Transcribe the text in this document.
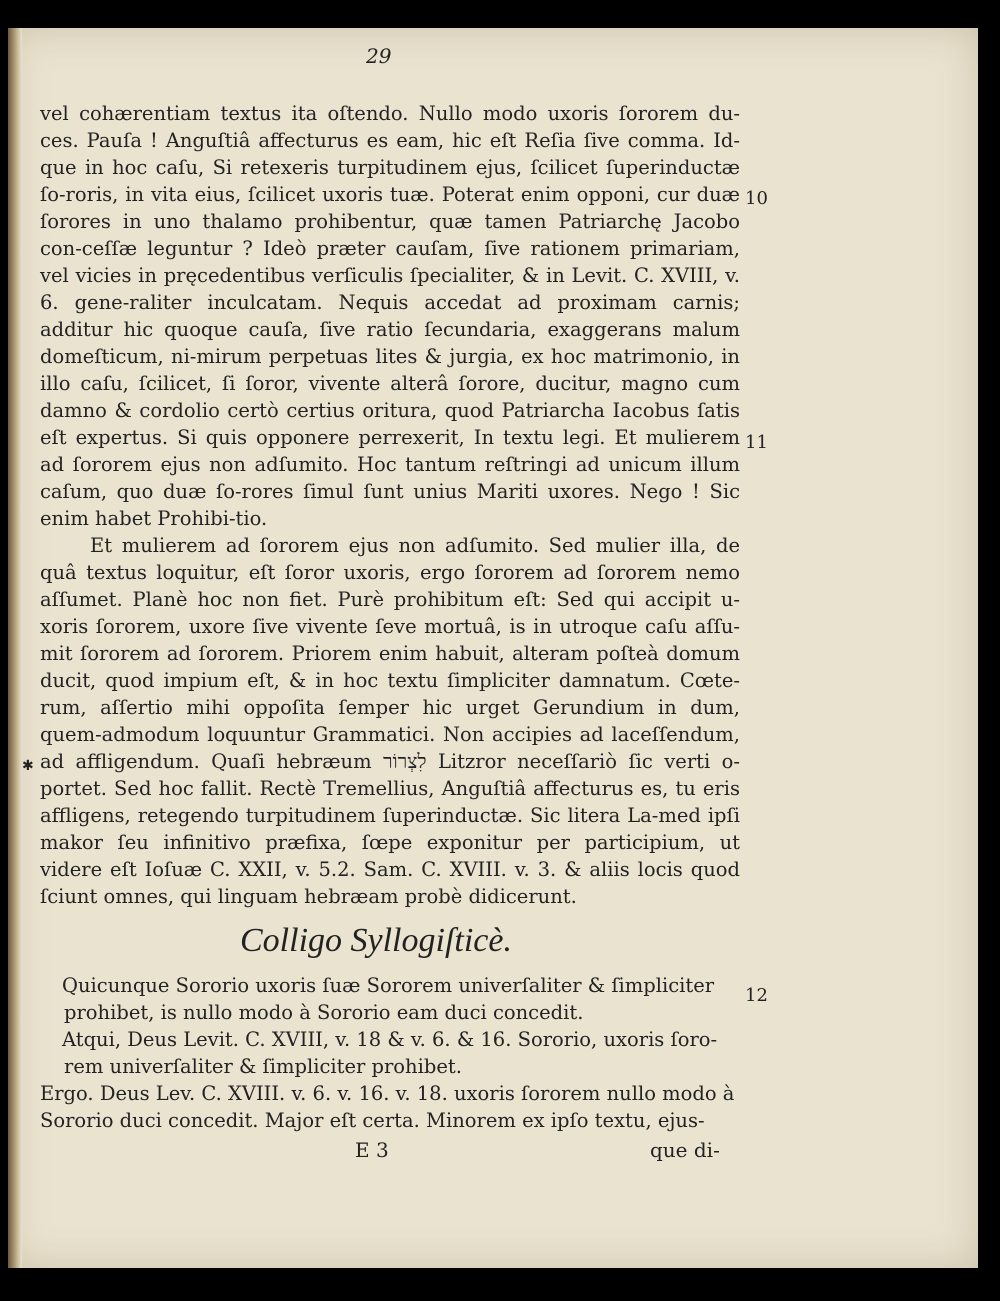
29

vel cohærentiam textus ita oſtendo. Nullo modo uxoris ſororem du-ces. Pauſa ! Anguſtiâ affecturus es eam, hic eſt Reſia ſive comma. Id-que in hoc caſu, Si retexeris turpitudinem ejus, ſcilicet ſuperinductæ ſo-roris, in vita eius, ſcilicet uxoris tuæ. Poterat enim opponi, cur duæ ſorores in uno thalamo prohibentur, quæ tamen Patriarchę Jacobo con-ceſſæ leguntur ? Ideò præter cauſam, ſive rationem primariam, vel vicies in pręcedentibus verſiculis ſpecialiter, & in Levit. C. XVIII, v. 6. gene-raliter inculcatam. Nequis accedat ad proximam carnis; additur hic quoque cauſa, ſive ratio ſecundaria, exaggerans malum domeſticum, ni-mirum perpetuas lites & jurgia, ex hoc matrimonio, in illo caſu, ſcilicet, ſi ſoror, vivente alterâ ſorore, ducitur, magno cum damno & cordolio certò certius oritura, quod Patriarcha Iacobus ſatis eſt expertus. Si quis opponere perrexerit, In textu legi. Et mulierem ad ſororem ejus non adſumito. Hoc tantum reſtringi ad unicum illum caſum, quo duæ ſo-rores ſimul ſunt unius Mariti uxores. Nego ! Sic enim habet Prohibi-tio.

Et mulierem ad ſororem ejus non adſumito. Sed mulier illa, de quâ textus loquitur, eſt ſoror uxoris, ergo ſororem ad ſororem nemo aſſumet. Planè hoc non fiet. Purè prohibitum eſt: Sed qui accipit u-xoris ſororem, uxore ſive vivente ſeve mortuâ, is in utroque caſu aſſu-mit ſororem ad ſororem. Priorem enim habuit, alteram poſteà domum ducit, quod impium eſt, & in hoc textu ſimpliciter damnatum. Cœte-rum, aſſertio mihi oppoſita ſemper hic urget Gerundium in dum, quem-admodum loquuntur Grammatici. Non accipies ad laceſſendum, ad affligendum. Quaſi hebræum לִצְרוֹר Litzror neceſſariò ſic verti o-portet. Sed hoc fallit. Rectè Tremellius, Anguſtiâ affecturus es, tu eris affligens, retegendo turpitudinem ſuperinductæ. Sic litera La-med ipſi makor ſeu infinitivo præfixa, ſœpe exponitur per participium, ut videre eſt Ioſuæ C. XXII, v. 5.2. Sam. C. XVIII. v. 3. & aliis locis quod ſciunt omnes, qui linguam hebræam probè didicerunt.

10
11
12
✱
Colligo Syllogiſticè.

Quicunque Sororio uxoris ſuæ Sororem univerſaliter & ſimpliciter

prohibet, is nullo modo à Sororio eam duci concedit.

Atqui, Deus Levit. C. XVIII, v. 18 & v. 6. & 16. Sororio, uxoris ſoro-

rem univerſaliter & ſimpliciter prohibet.

Ergo. Deus Lev. C. XVIII. v. 6. v. 16. v. 18. uxoris ſororem nullo modo à

Sororio duci concedit. Major eſt certa. Minorem ex ipſo textu, ejus-

E 3	que di-
